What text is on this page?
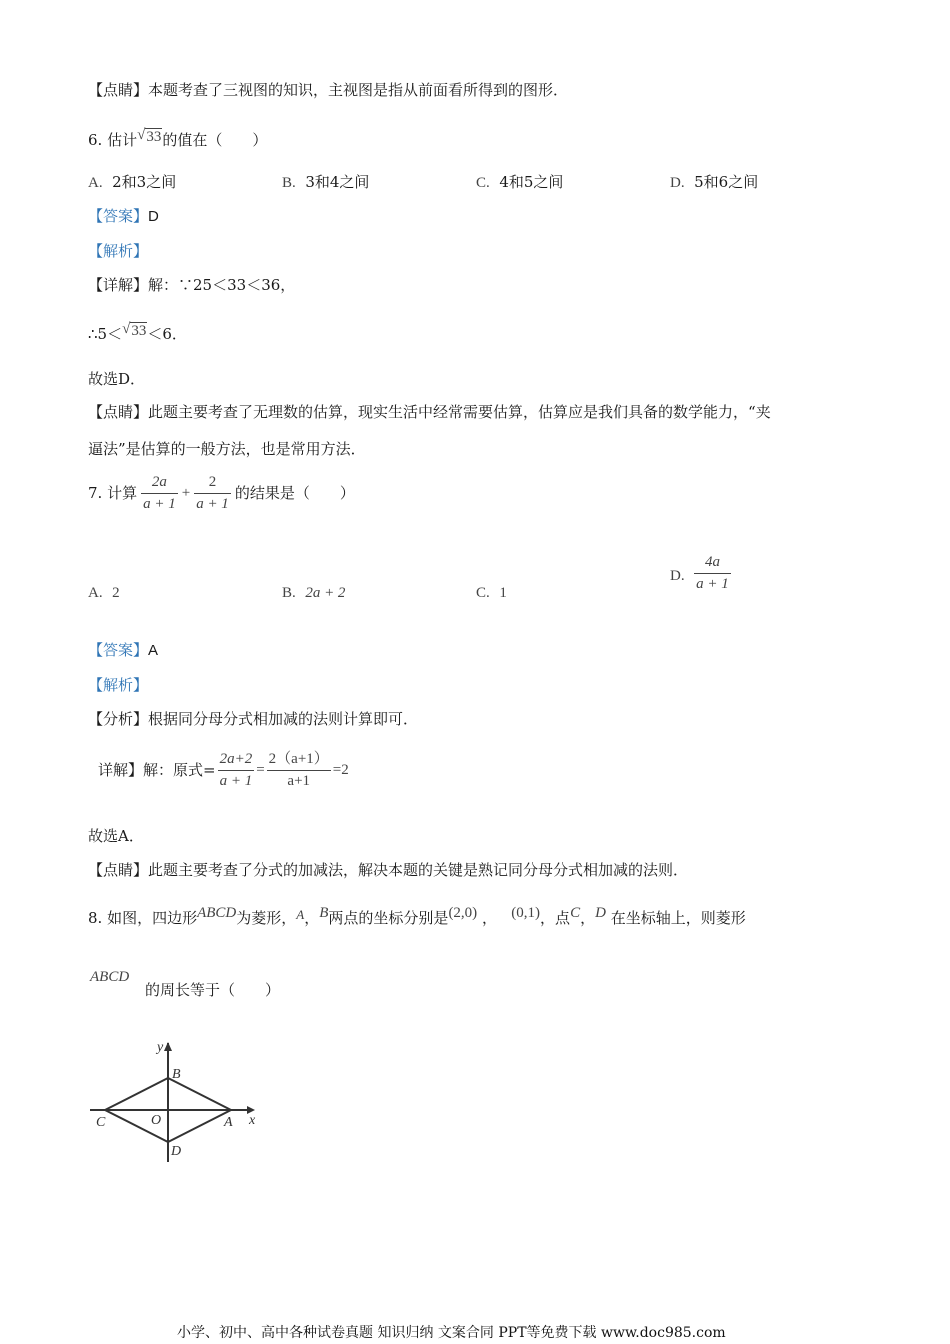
【点睛】本题考查了三视图的知识，主视图是指从前面看所得到的图形．
6. 估计 √ 33 的值在（　　）
A. 2和3之间	B. 3和4之间	C. 4和5之间	D. 5和6之间
【答案】D
【解析】
【详解】解：∵25＜33＜36，
∴5＜ √ 33 ＜6．
故选D．
【点睛】此题主要考查了无理数的估算，现实生活中经常需要估算，估算应是我们具备的数学能力，“夹
逼法”是估算的一般方法，也是常用方法．
7. 计算 $\frac{2a}{a + 1} + \frac{2}{a + 1}$ 的结果是（　　）
A. 2	B. 2a + 2	C. 1
D.
$\frac{4a}{a + 1}$
【答案】A
【解析】
【分析】根据同分母分式相加减的法则计算即可．
详解】解：原式= $\frac{2a+2}{a + 1} = \frac{2(a+1)}{a+1} =2$
故选A．
【点睛】此题主要考查了分式的加减法，解决本题的关键是熟记同分母分式相加减的法则．
8. 如图，四边形ABCD为菱形，A，B两点的坐标分别是(2,0) ， (0,1)，点C，D 在坐标轴上，则菱形
ABCD

的周长等于（　　）
y
x
B
C	O	A
D
小学、初中、高中各种试卷真题 知识归纳 文案合同 PPT等免费下载 www.doc985.com
